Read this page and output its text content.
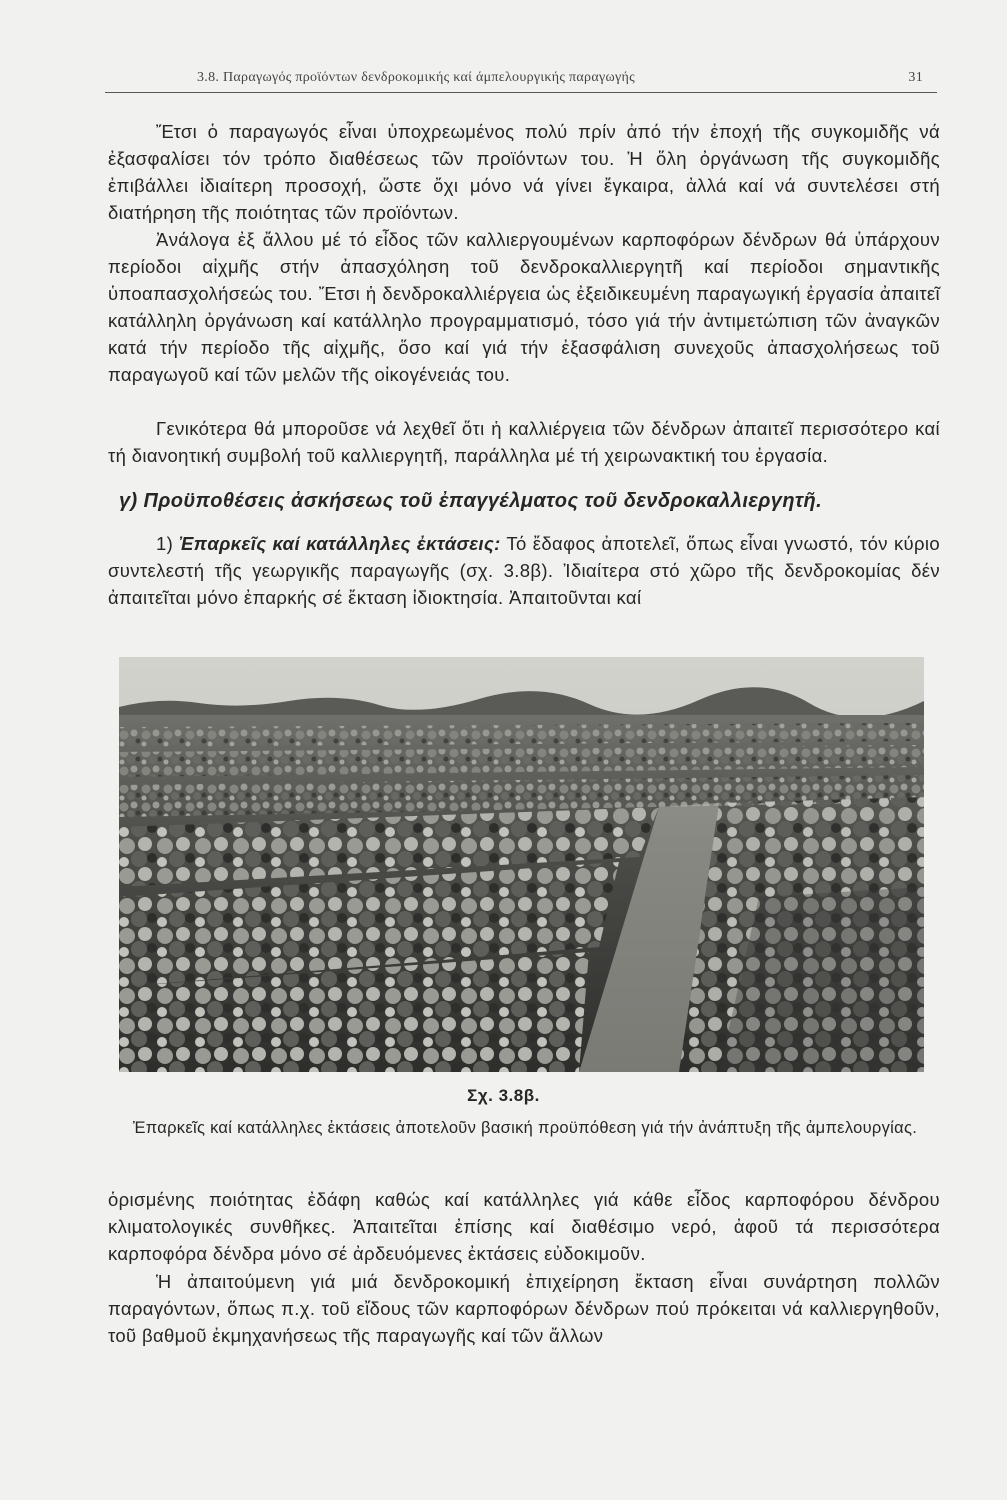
3.8. Παραγωγός προϊόντων δενδροκομικής καί άμπελουργικής παραγωγής	31

Ἔτσι ὁ παραγωγός εἶναι ὑποχρεωμένος πολύ πρίν ἀπό τήν ἐποχή τῆς συγκομιδῆς νά ἐξασφαλίσει τόν τρόπο διαθέσεως τῶν προϊόντων του. Ἡ ὅλη ὀργάνωση τῆς συγκομιδῆς ἐπιβάλλει ἰδιαίτερη προσοχή, ὥστε ὄχι μόνο νά γίνει ἔγκαιρα, ἀλλά καί νά συντελέσει στή διατήρηση τῆς ποιότητας τῶν προϊόντων.

Ἀνάλογα ἐξ ἄλλου μέ τό εἶδος τῶν καλλιεργουμένων καρποφόρων δένδρων θά ὑπάρχουν περίοδοι αἰχμῆς στήν ἀπασχόληση τοῦ δενδροκαλλιεργητῆ καί περίοδοι σημαντικῆς ὑποαπασχολήσεώς του. Ἔτσι ἡ δενδροκαλλιέργεια ὡς ἐξειδικευμένη παραγωγική ἐργασία ἀπαιτεῖ κατάλληλη ὀργάνωση καί κατάλληλο προγραμματισμό, τόσο γιά τήν ἀντιμετώπιση τῶν ἀναγκῶν κατά τήν περίοδο τῆς αἰχμῆς, ὅσο καί γιά τήν ἐξασφάλιση συνεχοῦς ἀπασχολήσεως τοῦ παραγωγοῦ καί τῶν μελῶν τῆς οἰκογένειάς του.

Γενικότερα θά μποροῦσε νά λεχθεῖ ὅτι ἡ καλλιέργεια τῶν δένδρων ἀπαιτεῖ περισσότερο καί τή διανοητική συμβολή τοῦ καλλιεργητῆ, παράλληλα μέ τή χειρωνακτική του ἐργασία.

γ) Προϋποθέσεις ἀσκήσεως τοῦ ἐπαγγέλματος τοῦ δενδροκαλλιεργητῆ.

1) Ἐπαρκεῖς καί κατάλληλες ἐκτάσεις: Τό ἔδαφος ἀποτελεῖ, ὅπως εἶναι γνωστό, τόν κύριο συντελεστή τῆς γεωργικῆς παραγωγῆς (σχ. 3.8β). Ἰδιαίτερα στό χῶρο τῆς δενδροκομίας δέν ἀπαιτεῖται μόνο ἐπαρκής σέ ἔκταση ἰδιοκτησία. Ἀπαιτοῦνται καί

Σχ. 3.8β.
Ἐπαρκεῖς καί κατάλληλες ἐκτάσεις ἀποτελοῦν βασική προϋπόθεση γιά τήν ἀνάπτυξη τῆς ἀμπελουργίας.

ὁρισμένης ποιότητας ἐδάφη καθώς καί κατάλληλες γιά κάθε εἶδος καρποφόρου δένδρου κλιματολογικές συνθῆκες. Ἀπαιτεῖται ἐπίσης καί διαθέσιμο νερό, ἀφοῦ τά περισσότερα καρποφόρα δένδρα μόνο σέ ἀρδευόμενες ἐκτάσεις εὐδοκιμοῦν.

Ἡ ἀπαιτούμενη γιά μιά δενδροκομική ἐπιχείρηση ἔκταση εἶναι συνάρτηση πολλῶν παραγόντων, ὅπως π.χ. τοῦ εἴδους τῶν καρποφόρων δένδρων πού πρόκειται νά καλλιεργηθοῦν, τοῦ βαθμοῦ ἐκμηχανήσεως τῆς παραγωγῆς καί τῶν ἄλλων
